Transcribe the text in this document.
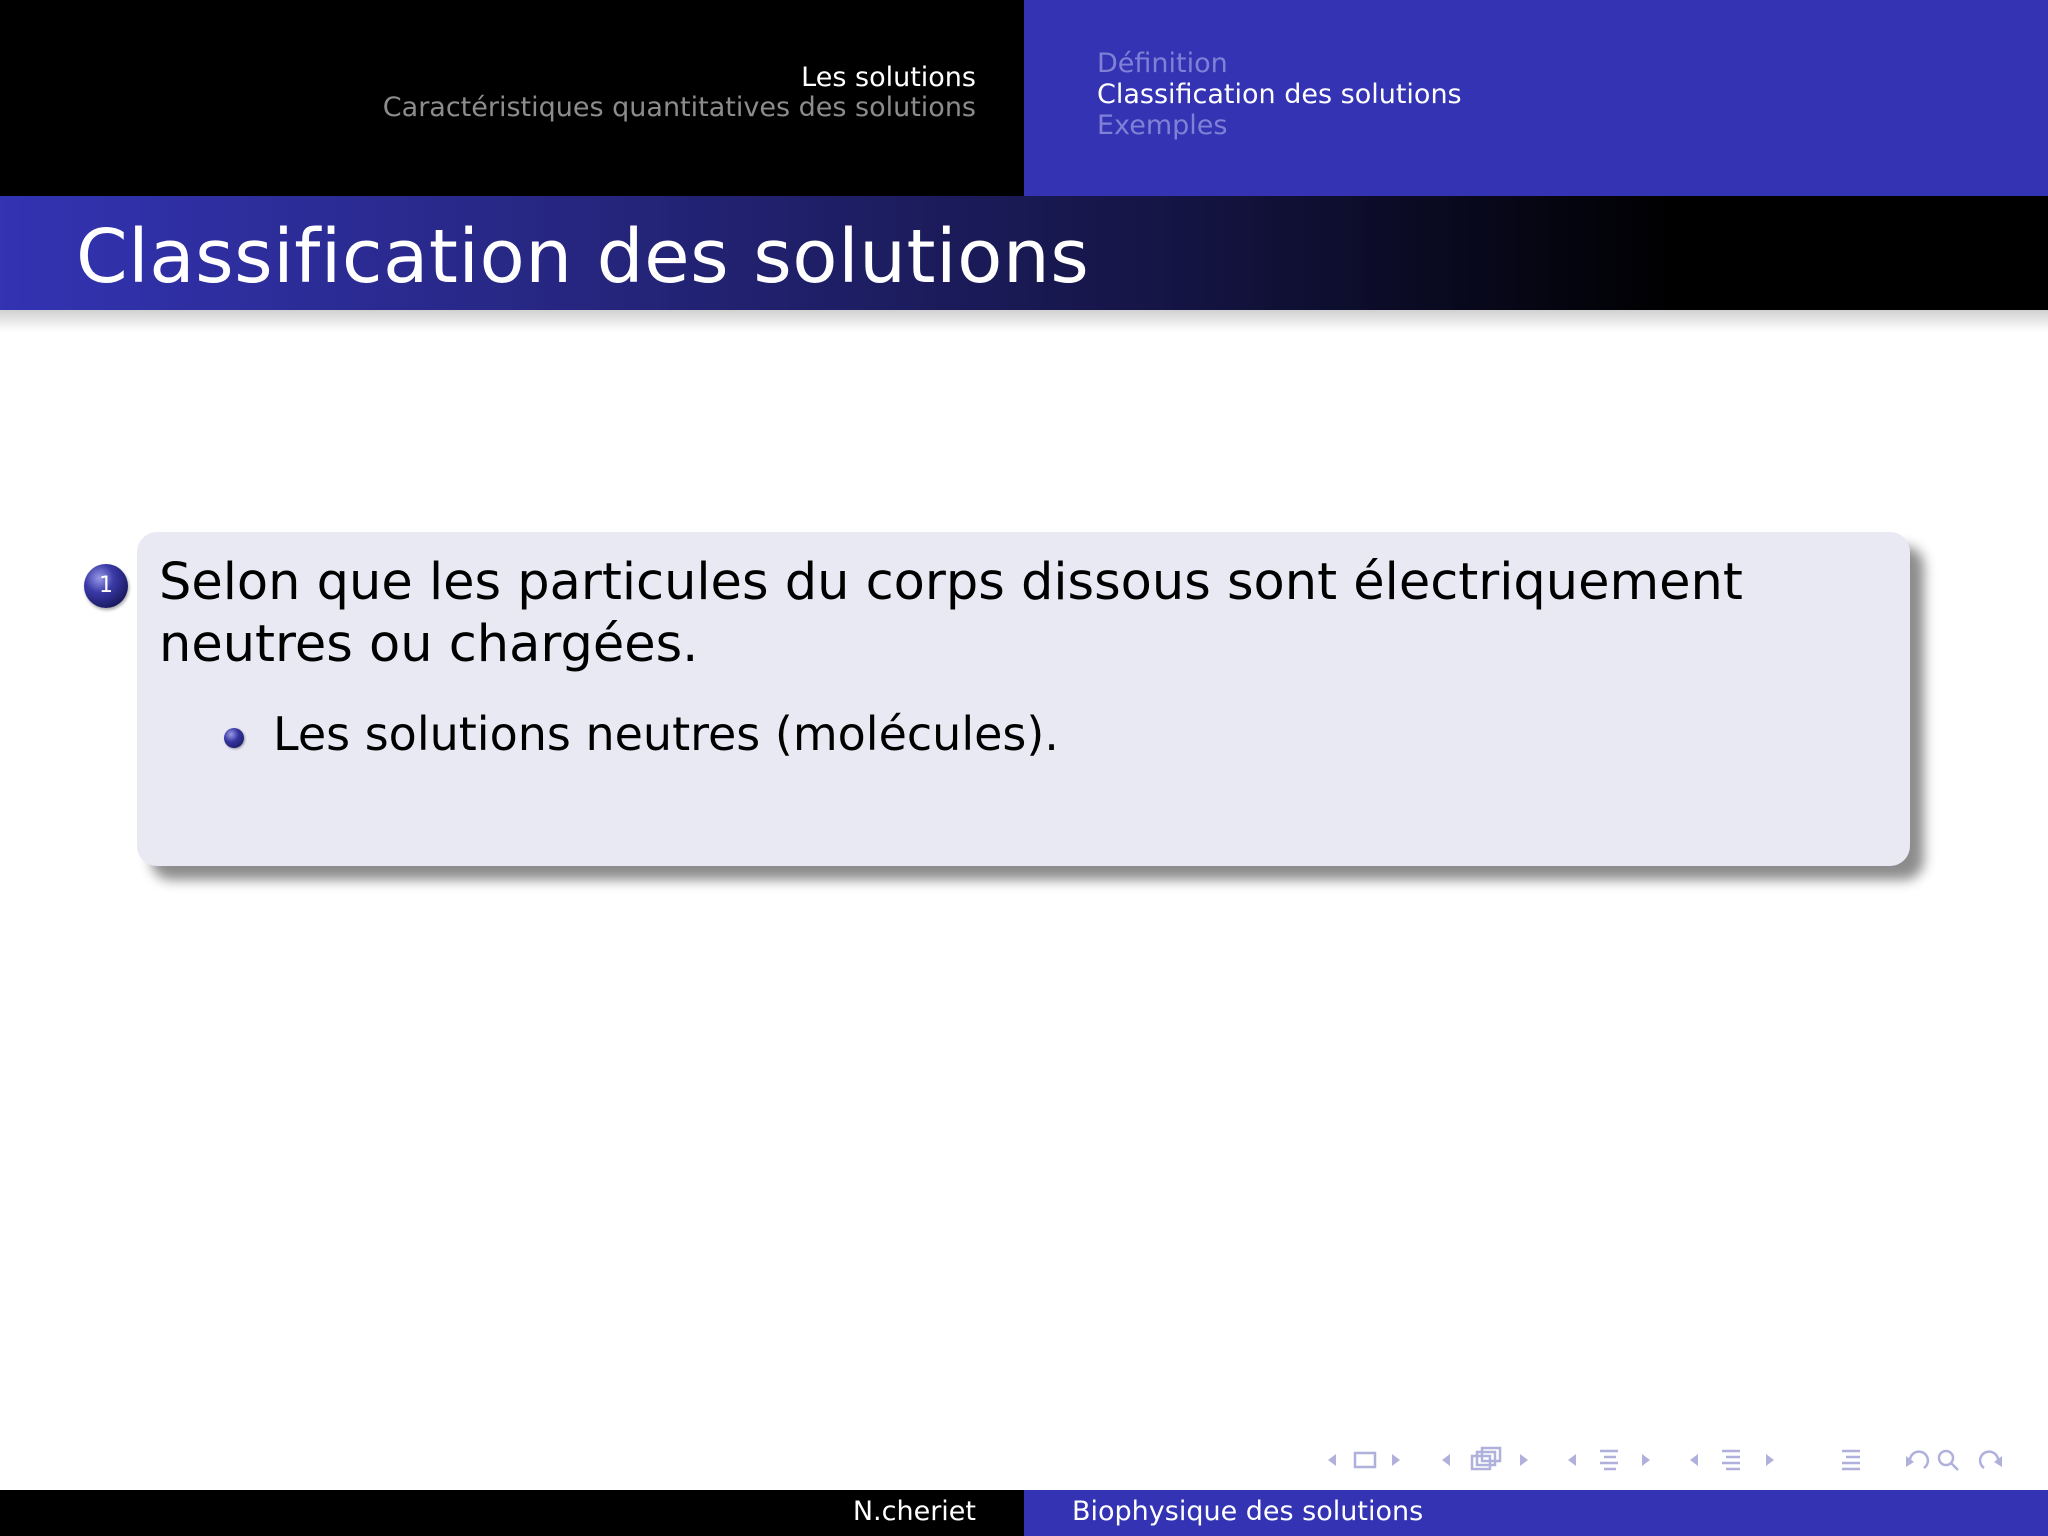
Les solutions
Caractéristiques quantitatives des solutions
Définition
Classification des solutions
Exemples
Classification des solutions
1 Selon que les particules du corps dissous sont électriquement neutres ou chargées.
Les solutions neutres (molécules).
N.cheriet	Biophysique des solutions
